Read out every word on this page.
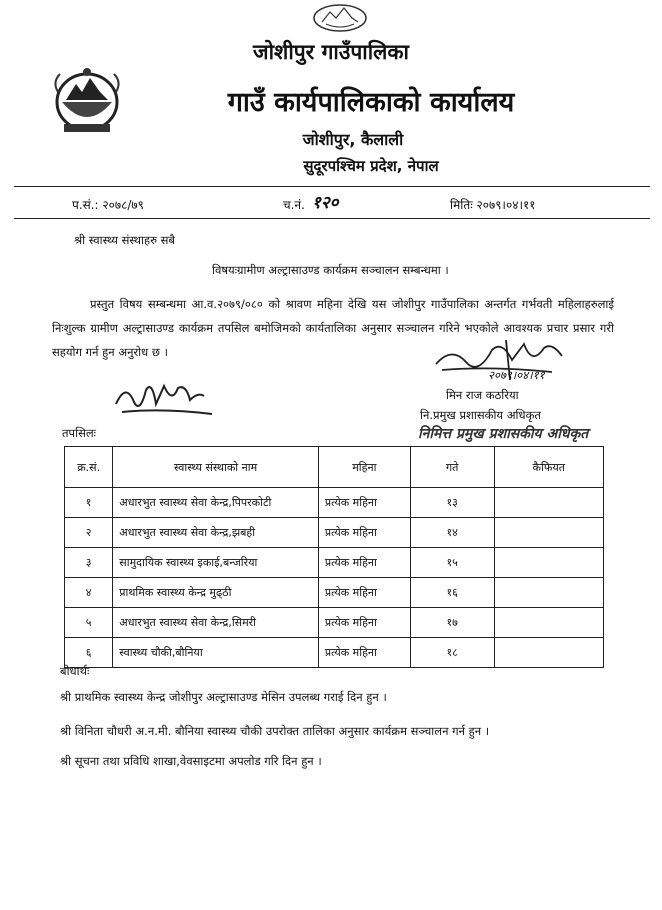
जोशीपुर गाउँपालिका
गाउँ कार्यपालिकाको कार्यालय
जोशीपुर, कैलाली
सुदूरपश्चिम प्रदेश, नेपाल
प.सं.: २०७८/७९	च.नं. १२०	मितिः २०७९।०४।११
श्री स्वास्थ्य संस्थाहरु सबै
विषयःग्रामीण अल्ट्रासाउण्ड कार्यक्रम सञ्चालन सम्बन्धमा ।
प्रस्तुत विषय सम्बन्धमा आ.व.२०७९/०८० को श्रावण महिना देखि यस जोशीपुर गाउँपालिका अन्तर्गत गर्भवती महिलाहरुलाई निःशुल्क ग्रामीण अल्ट्रासाउण्ड कार्यक्रम तपसिल बमोजिमको कार्यतालिका अनुसार सञ्चालन गरिने भएकोले आवश्यक प्रचार प्रसार गरी सहयोग गर्न हुन अनुरोध छ ।
२०७९।०४।११
मिन राज कठरिया
नि.प्रमुख प्रशासकीय अधिकृत
निमित्त प्रमुख प्रशासकीय अधिकृत
तपसिलः
क्र.सं.	स्वास्थ्य संस्थाको नाम	महिना	गते	कैफियत
१	अधारभुत स्वास्थ्य सेवा केन्द्र,पिपरकोटी	प्रत्येक महिना	१३	
२	अधारभुत स्वास्थ्य सेवा केन्द्र,झबही	प्रत्येक महिना	१४	
३	सामुदायिक स्वास्थ्य इकाई,बन्जरिया	प्रत्येक महिना	१५	
४	प्राथमिक स्वास्थ्य केन्द्र मुढ्ठी	प्रत्येक महिना	१६	
५	अधारभुत स्वास्थ्य सेवा केन्द्र,सिमरी	प्रत्येक महिना	१७	
६	स्वास्थ्य चौकी,बौनिया	प्रत्येक महिना	१८	
बोधार्थः
श्री प्राथमिक स्वास्थ्य केन्द्र जोशीपुर अल्ट्रासाउण्ड मेसिन उपलब्ध गराई दिन हुन ।
श्री विनिता चौधरी अ.न.मी. बौनिया स्वास्थ्य चौकी उपरोक्त तालिका अनुसार कार्यक्रम सञ्चालन गर्न हुन ।
श्री सूचना तथा प्रविधि शाखा,वेवसाइटमा अपलोड गरि दिन हुन ।
